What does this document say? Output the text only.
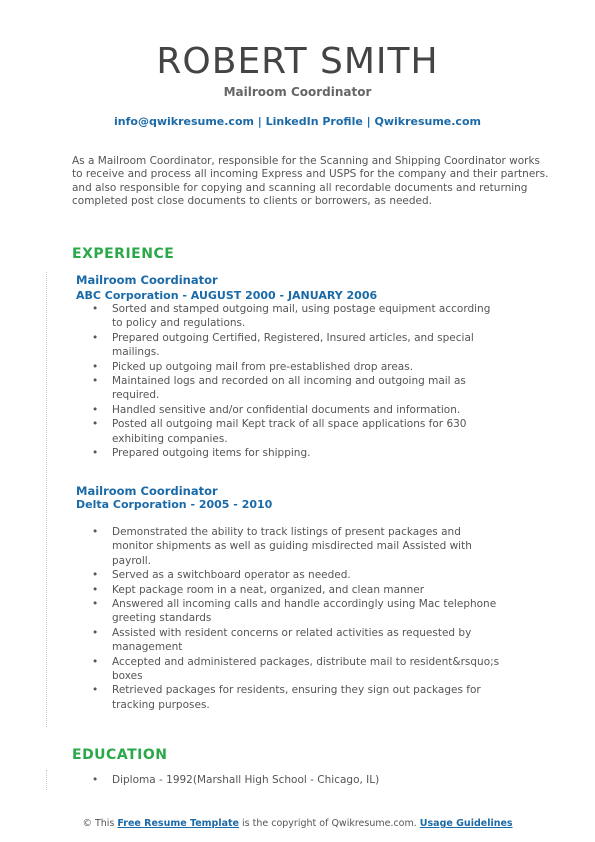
ROBERT SMITH
Mailroom Coordinator
info@qwikresume.com | LinkedIn Profile | Qwikresume.com
As a Mailroom Coordinator, responsible for the Scanning and Shipping Coordinator works to receive and process all incoming Express and USPS for the company and their partners. and also responsible for copying and scanning all recordable documents and returning completed post close documents to clients or borrowers, as needed.
EXPERIENCE
Mailroom Coordinator
ABC Corporation - AUGUST 2000 - JANUARY 2006
• Sorted and stamped outgoing mail, using postage equipment according to policy and regulations.
• Prepared outgoing Certified, Registered, Insured articles, and special mailings.
• Picked up outgoing mail from pre-established drop areas.
• Maintained logs and recorded on all incoming and outgoing mail as required.
• Handled sensitive and/or confidential documents and information.
• Posted all outgoing mail Kept track of all space applications for 630 exhibiting companies.
• Prepared outgoing items for shipping.
Mailroom Coordinator
Delta Corporation - 2005 - 2010
• Demonstrated the ability to track listings of present packages and monitor shipments as well as guiding misdirected mail Assisted with payroll.
• Served as a switchboard operator as needed.
• Kept package room in a neat, organized, and clean manner
• Answered all incoming calls and handle accordingly using Mac telephone greeting standards
• Assisted with resident concerns or related activities as requested by management
• Accepted and administered packages, distribute mail to resident&rsquo;s boxes
• Retrieved packages for residents, ensuring they sign out packages for tracking purposes.
EDUCATION
• Diploma - 1992(Marshall High School - Chicago, IL)
© This Free Resume Template is the copyright of Qwikresume.com. Usage Guidelines
